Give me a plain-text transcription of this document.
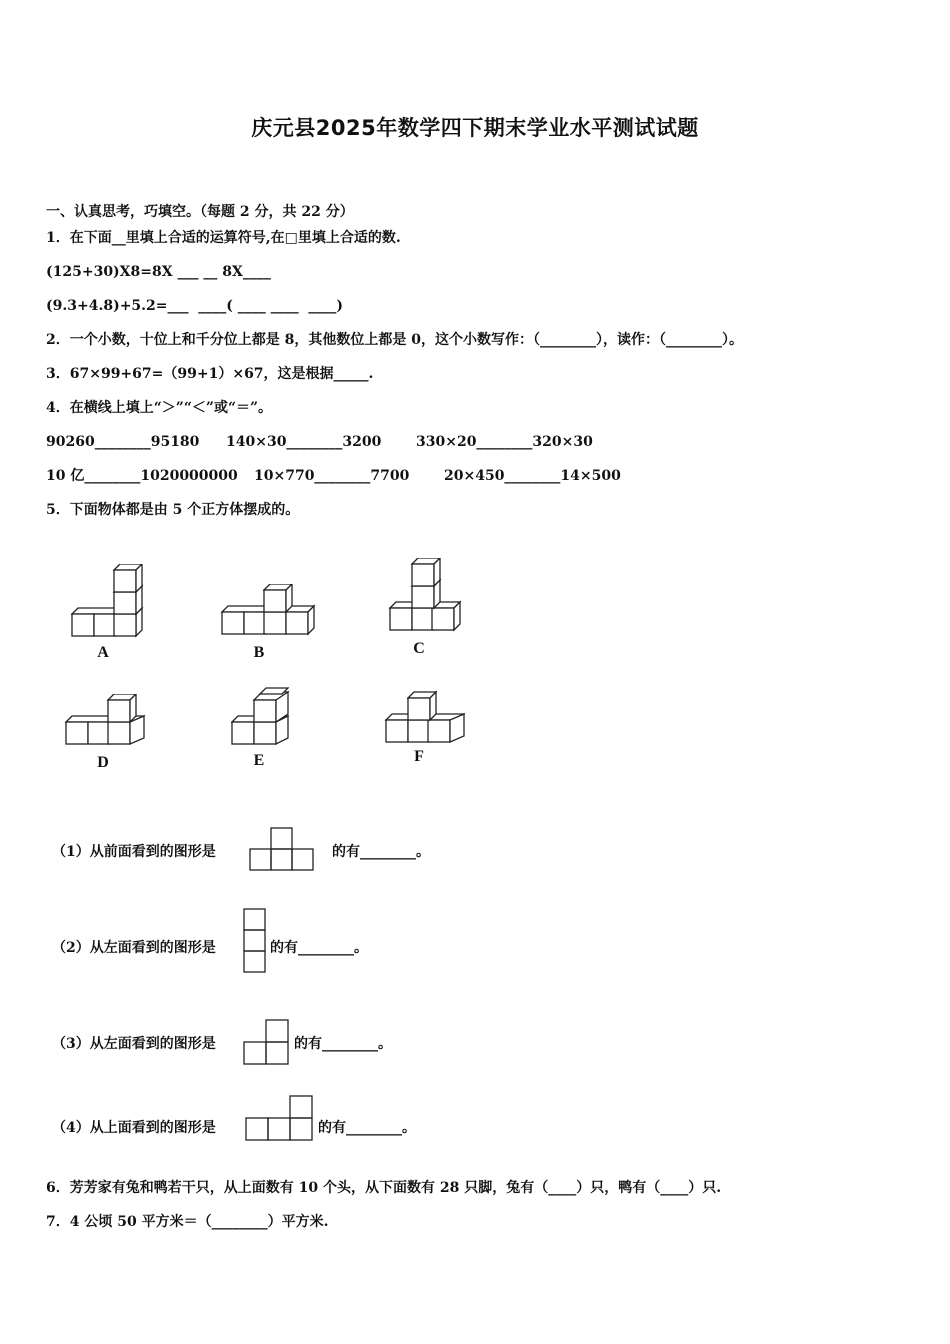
庆元县2025年数学四下期末学业水平测试试题
一、认真思考，巧填空。（每题 2 分，共 22 分）
1．在下面__里填上合适的运算符号,在□里填上合适的数.
(125+30)X8=8X ___ __ 8X____
(9.3+4.8)+5.2=___  ____( ____ ____  ____)
2．一个小数，十位上和千分位上都是 8，其他数位上都是 0，这个小数写作：（________），读作：（________）。
3．67×99+67=（99+1）×67，这是根据_____.
4．在横线上填上“＞”“＜”或“＝”。
90260________95180 140×30________3200 330×20________320×30
10 亿________1020000000 10×770________7700 20×450________14×500
5．下面物体都是由 5 个正方体摆成的。
A	B	C
D	E	F
（1）从前面看到的图形是	的有________。
（2）从左面看到的图形是	的有________。
（3）从左面看到的图形是	的有________。
（4）从上面看到的图形是	的有________。
6．芳芳家有兔和鸭若干只，从上面数有 10 个头，从下面数有 28 只脚，兔有（____）只，鸭有（____）只.
7．4 公顷 50 平方米＝（________）平方米.
